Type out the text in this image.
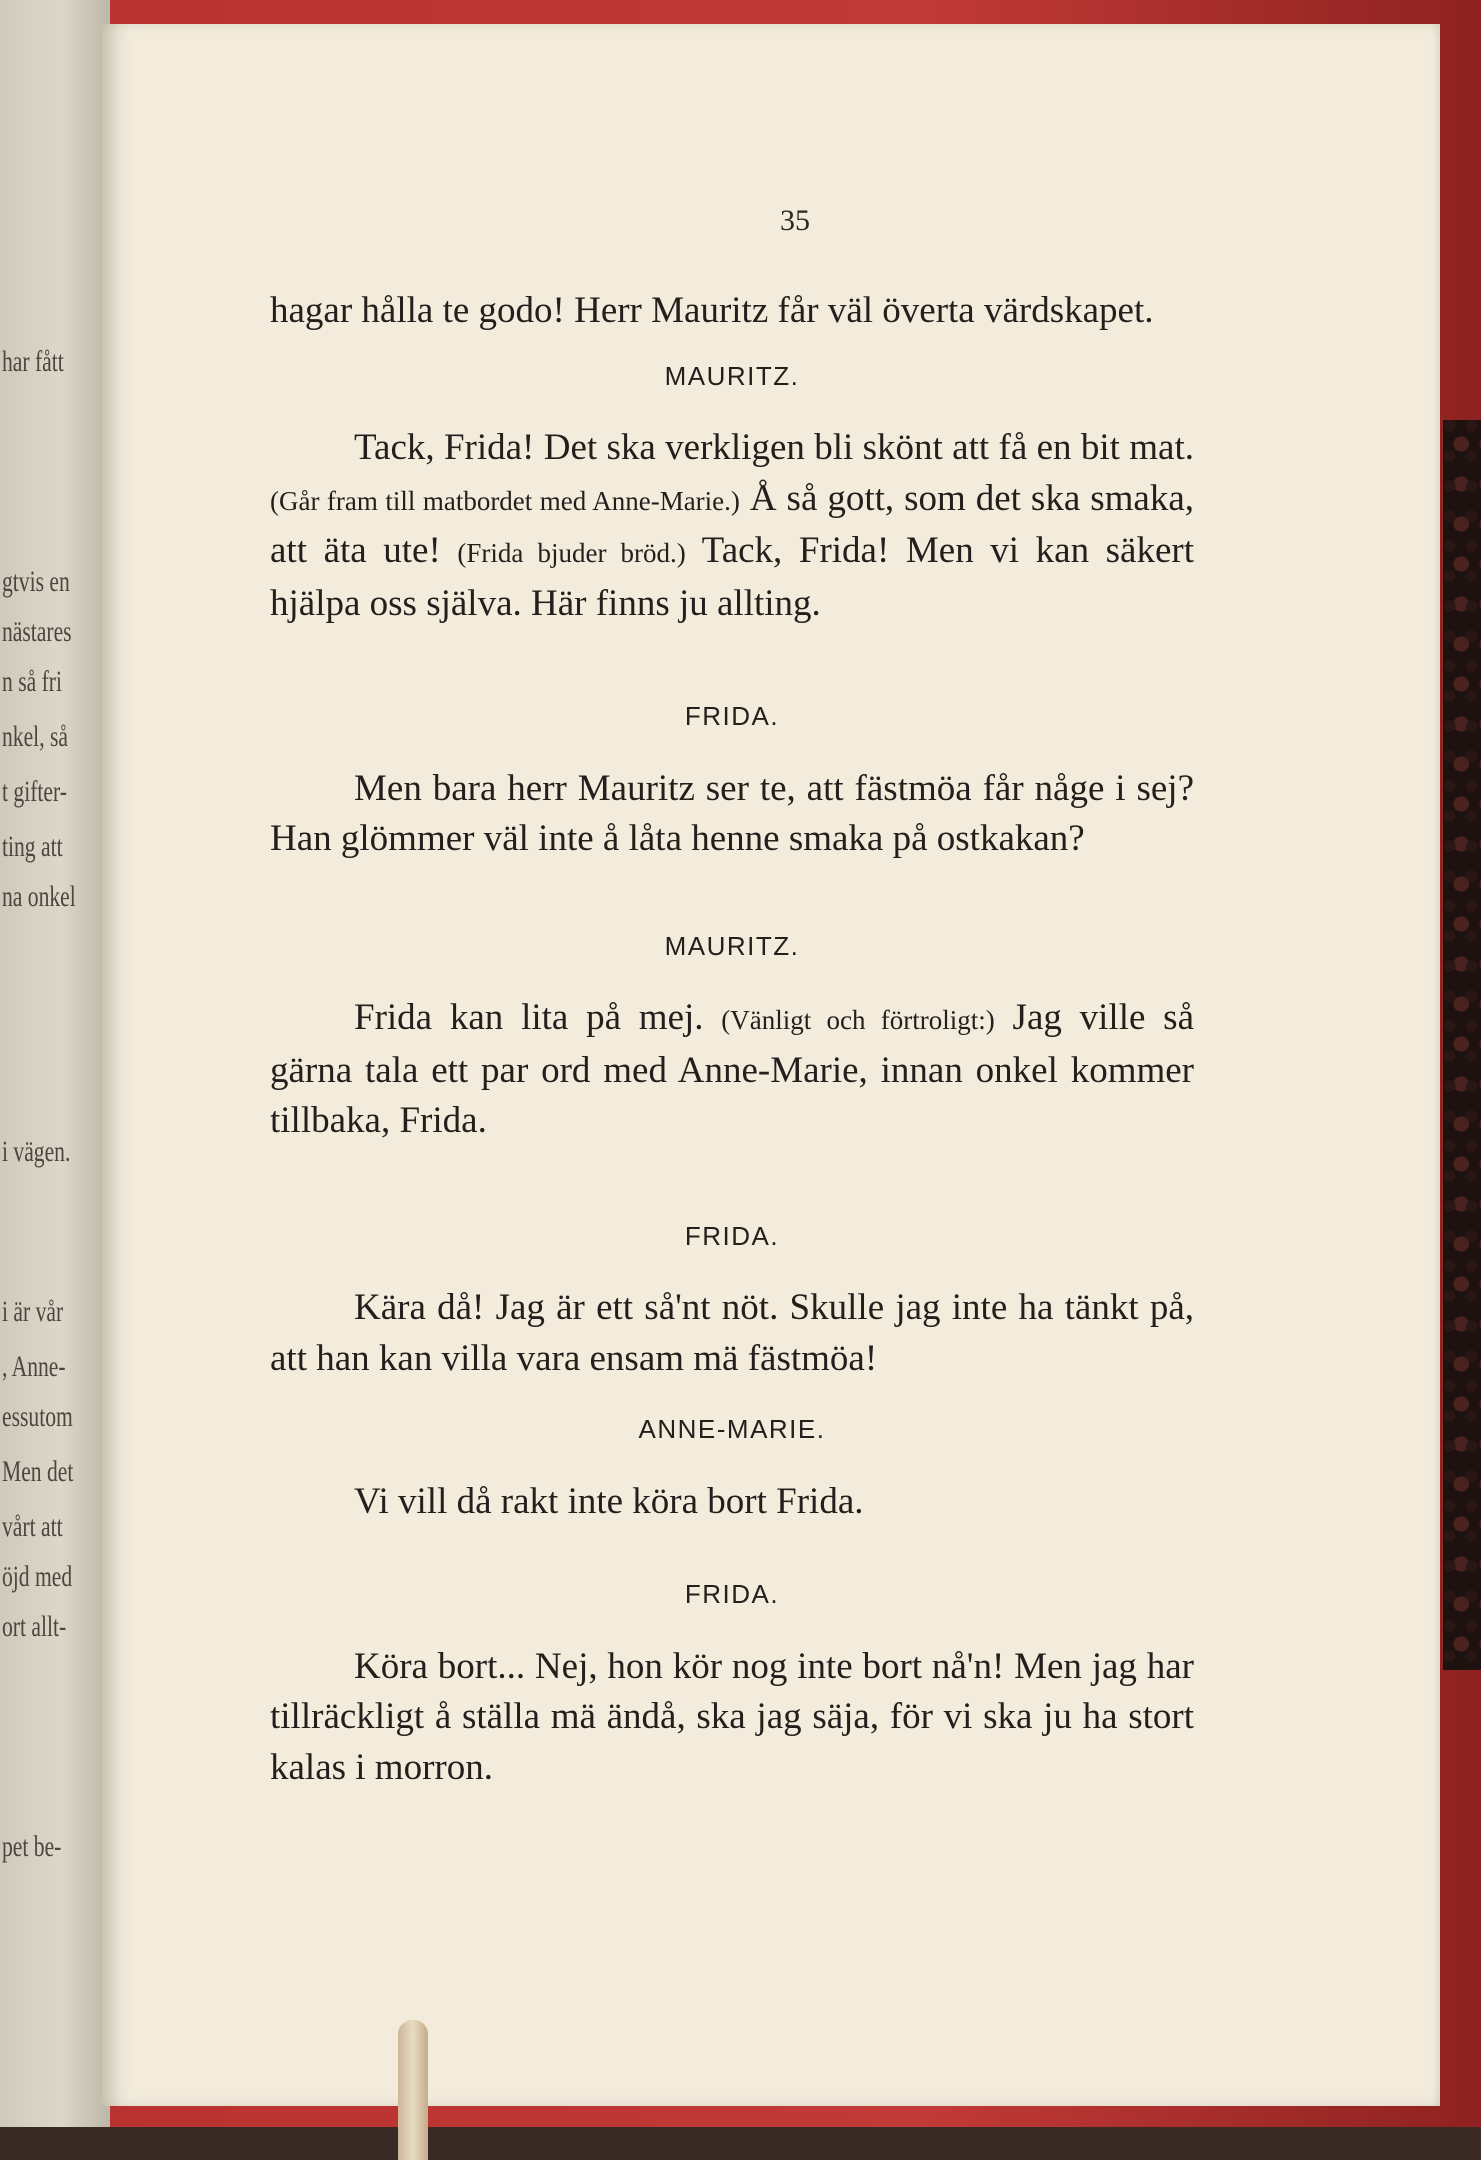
har fått
gtvis en
nästares
n så fri
nkel, så
t gifter-
ting att
na onkel
i vägen.
i är vår
, Anne-
essutom
Men det
vårt att
öjd med
ort allt-
pet be-
35

hagar hålla te godo! Herr Mauritz får väl överta värdskapet.

MAURITZ.

Tack, Frida! Det ska verkligen bli skönt att få en bit mat. (Går fram till matbordet med Anne-Marie.) Å så gott, som det ska smaka, att äta ute! (Frida bjuder bröd.) Tack, Frida! Men vi kan säkert hjälpa oss själva. Här finns ju allting.

FRIDA.

Men bara herr Mauritz ser te, att fästmöa får någe i sej? Han glömmer väl inte å låta henne smaka på ostkakan?

MAURITZ.

Frida kan lita på mej. (Vänligt och förtroligt:) Jag ville så gärna tala ett par ord med Anne-Marie, innan onkel kommer tillbaka, Frida.

FRIDA.

Kära då! Jag är ett så'nt nöt. Skulle jag inte ha tänkt på, att han kan villa vara ensam mä fästmöa!

ANNE-MARIE.

Vi vill då rakt inte köra bort Frida.

FRIDA.

Köra bort... Nej, hon kör nog inte bort nå'n! Men jag har tillräckligt å ställa mä ändå, ska jag säja, för vi ska ju ha stort kalas i morron.
